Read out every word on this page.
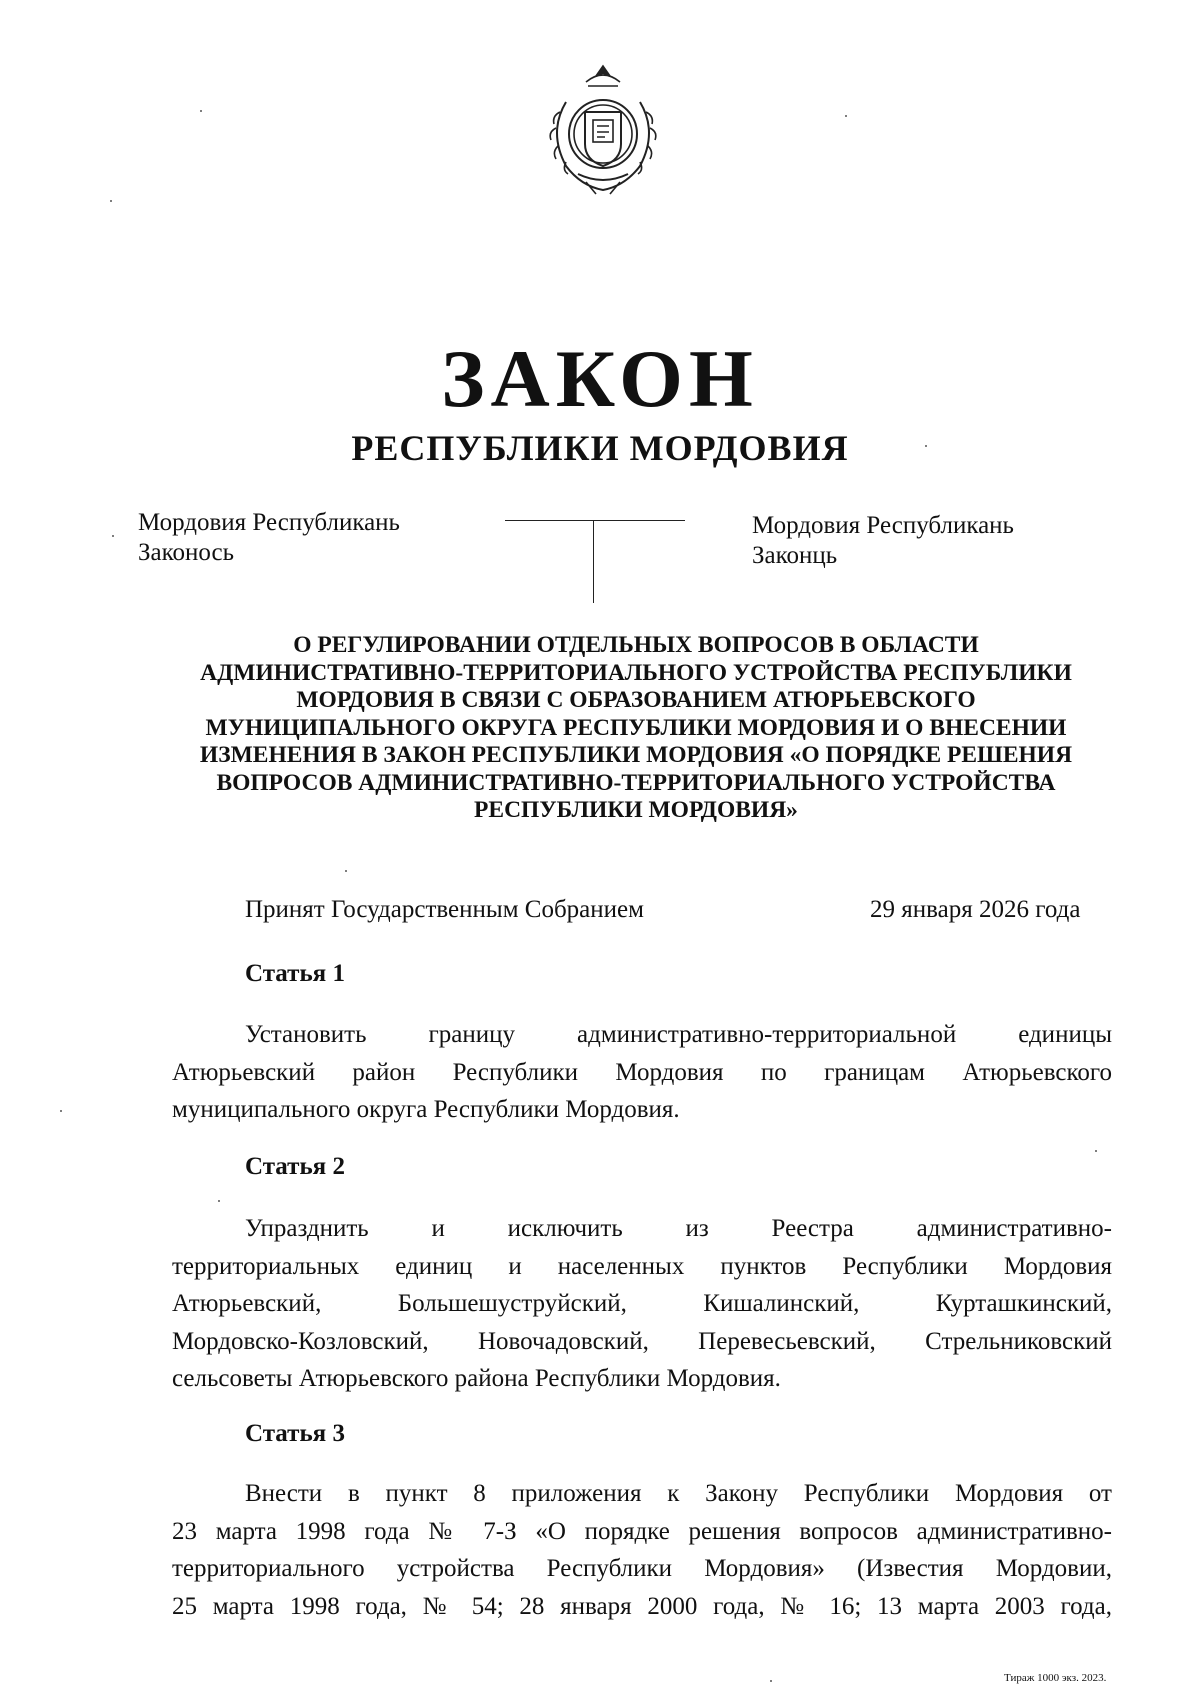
ЗАКОН
РЕСПУБЛИКИ МОРДОВИЯ
Мордовия Республикань
Законось
Мордовия Республикань
Законць
О РЕГУЛИРОВАНИИ ОТДЕЛЬНЫХ ВОПРОСОВ В ОБЛАСТИ
АДМИНИСТРАТИВНО-ТЕРРИТОРИАЛЬНОГО УСТРОЙСТВА РЕСПУБЛИКИ
МОРДОВИЯ В СВЯЗИ С ОБРАЗОВАНИЕМ АТЮРЬЕВСКОГО
МУНИЦИПАЛЬНОГО ОКРУГА РЕСПУБЛИКИ МОРДОВИЯ И О ВНЕСЕНИИ
ИЗМЕНЕНИЯ В ЗАКОН РЕСПУБЛИКИ МОРДОВИЯ «О ПОРЯДКЕ РЕШЕНИЯ
ВОПРОСОВ АДМИНИСТРАТИВНО-ТЕРРИТОРИАЛЬНОГО УСТРОЙСТВА
РЕСПУБЛИКИ МОРДОВИЯ»
Принят Государственным Собранием	29 января 2026 года
Статья 1
Установить границу административно-территориальной единицы
Атюрьевский район Республики Мордовия по границам Атюрьевского
муниципального округа Республики Мордовия.
Статья 2
Упразднить и исключить из Реестра административно-
территориальных единиц и населенных пунктов Республики Мордовия
Атюрьевский, Большешуструйский, Кишалинский, Курташкинский,
Мордовско-Козловский, Новочадовский, Перевесьевский, Стрельниковский
сельсоветы Атюрьевского района Республики Мордовия.
Статья 3
Внести в пункт 8 приложения к Закону Республики Мордовия от
23 марта 1998 года № 7-З «О порядке решения вопросов административно-
территориального устройства Республики Мордовия» (Известия Мордовии,
25 марта 1998 года, № 54; 28 января 2000 года, № 16; 13 марта 2003 года,
Тираж 1000 экз. 2023.
